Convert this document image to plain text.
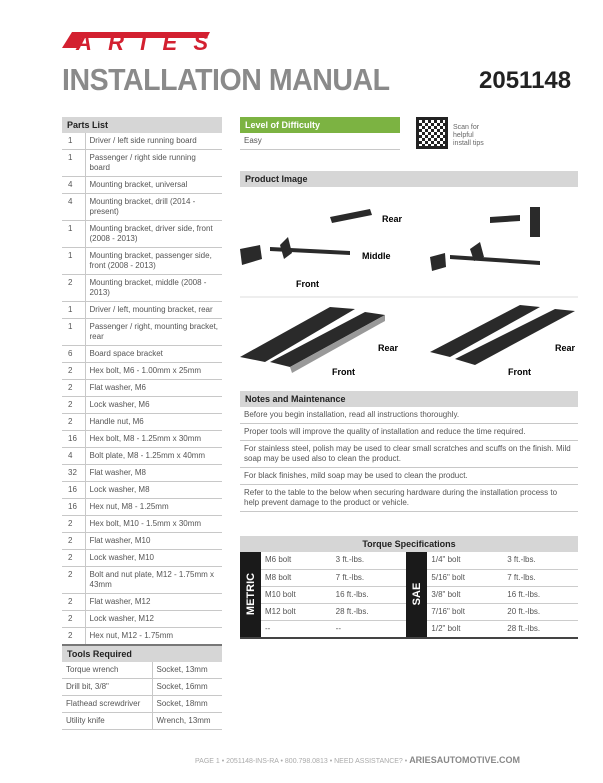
ARIES
INSTALLATION MANUAL	2051148
Parts List
1	Driver / left side running board
1	Passenger / right side running board
4	Mounting bracket, universal
4	Mounting bracket, drill (2014 - present)
1	Mounting bracket, driver side, front (2008 - 2013)
1	Mounting bracket, passenger side, front (2008 - 2013)
2	Mounting bracket, middle (2008 - 2013)
1	Driver / left, mounting bracket, rear
1	Passenger / right, mounting bracket, rear
6	Board space bracket
2	Hex bolt, M6 - 1.00mm x 25mm
2	Flat washer, M6
2	Lock washer, M6
2	Handle nut, M6
16	Hex bolt, M8 - 1.25mm x 30mm
4	Bolt plate, M8 - 1.25mm x 40mm
32	Flat washer, M8
16	Lock washer, M8
16	Hex nut, M8 - 1.25mm
2	Hex bolt, M10 - 1.5mm x 30mm
2	Flat washer, M10
2	Lock washer, M10
2	Bolt and nut plate, M12 - 1.75mm x 43mm
2	Flat washer, M12
2	Lock washer, M12
2	Hex nut, M12 - 1.75mm
Tools Required
Torque wrench	Socket, 13mm
Drill bit, 3/8"	Socket, 16mm
Flathead screwdriver	Socket, 18mm
Utility knife	Wrench, 13mm
Level of Difficulty
Easy
Scan for helpful install tips
Product Image
Rear
Middle
Front
Rear
Front
Rear
Front
Notes and Maintenance
Before you begin installation, read all instructions thoroughly.
Proper tools will improve the quality of installation and reduce the time required.
For stainless steel, polish may be used to clear small scratches and scuffs on the finish. Mild soap may be used also to clean the product.
For black finishes, mild soap may be used to clean the product.
Refer to the table to the below when securing hardware during the installation process to help prevent damage to the product or vehicle.
Torque Specifications
METRIC	M6 bolt	3 ft.-lbs.	SAE	1/4" bolt	3 ft.-lbs.
	M8 bolt	7 ft.-lbs.		5/16" bolt	7 ft.-lbs.
	M10 bolt	16 ft.-lbs.		3/8" bolt	16 ft.-lbs.
	M12 bolt	28 ft.-lbs.		7/16" bolt	20 ft.-lbs.
	--	--		1/2" bolt	28 ft.-lbs.
PAGE 1 • 2051148-INS-RA • 800.798.0813 • NEED ASSISTANCE? • ARIESAUTOMOTIVE.COM
